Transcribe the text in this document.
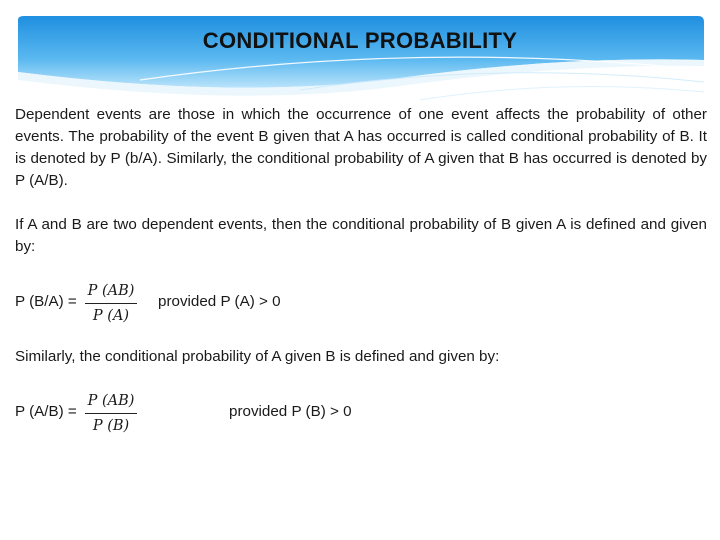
CONDITIONAL PROBABILITY

Dependent events are those in which the occurrence of one event affects the probability of other events. The probability of the event B given that A has occurred is called conditional probability of B. It is denoted by P (b/A). Similarly, the conditional probability of A given that B has occurred is denoted by P (A/B).

If A and B are two dependent events, then the conditional probability of B given A is defined and given by:

P (B/A) =
P (AB)
P (A)
provided P (A) > 0

Similarly, the conditional probability of A given B is defined and given by:

P (A/B) =
P (AB)
P (B)
provided P (B) > 0
